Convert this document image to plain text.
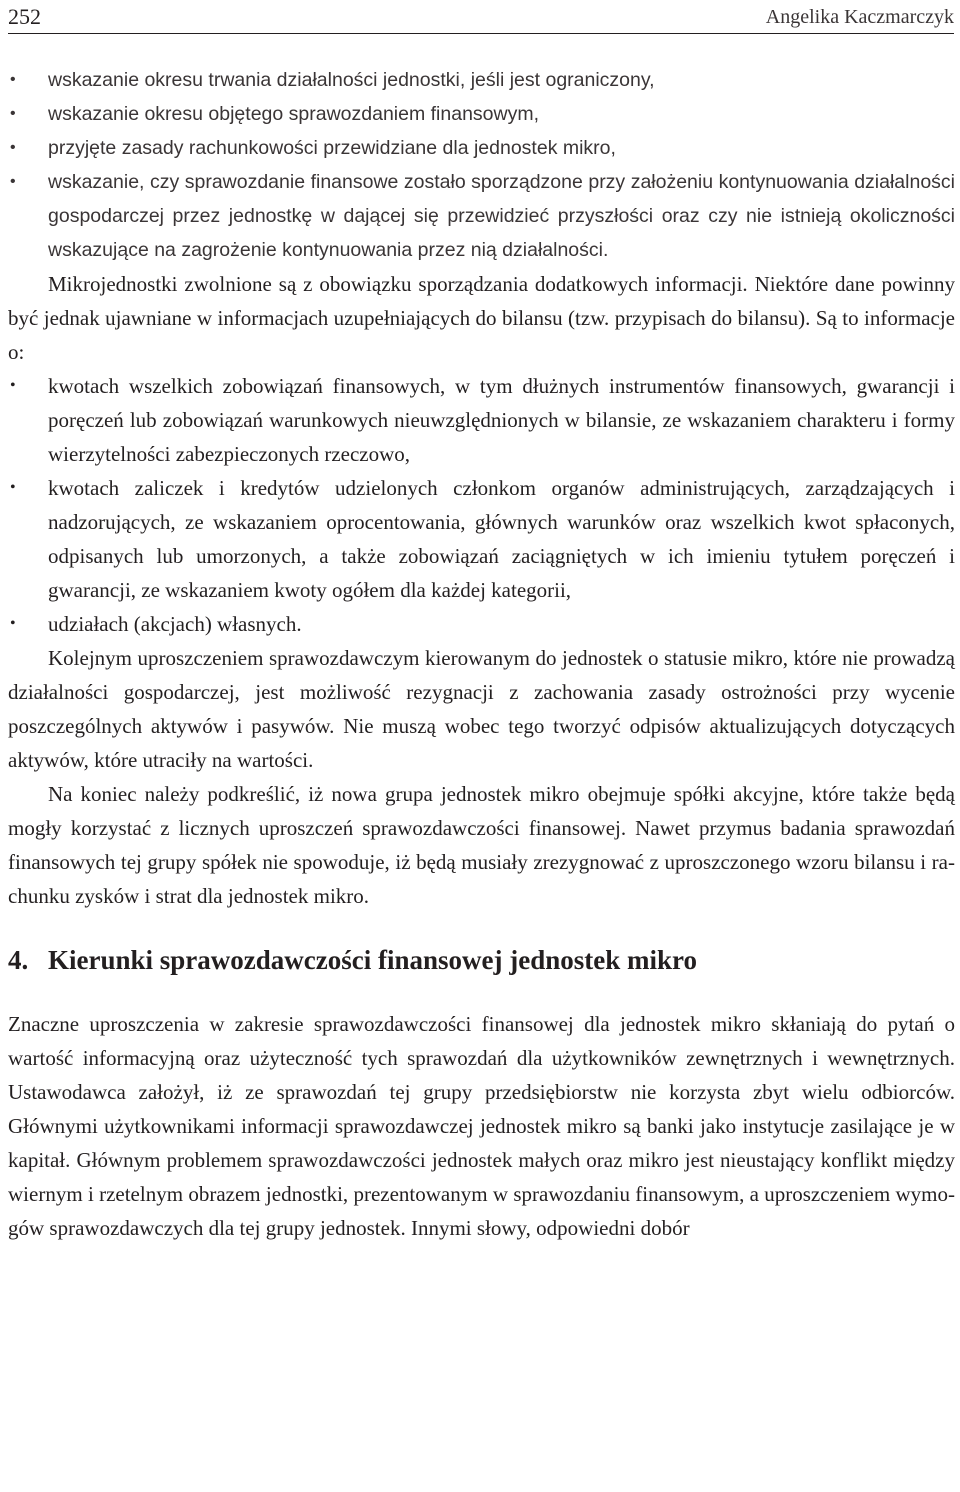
252	Angelika Kaczmarczyk
• wskazanie okresu trwania działalności jednostki, jeśli jest ograniczony,
• wskazanie okresu objętego sprawozdaniem finansowym,
• przyjęte zasady rachunkowości przewidziane dla jednostek mikro,
• wskazanie, czy sprawozdanie finansowe zostało sporządzone przy założeniu kontynuowania działalności gospodarczej przez jednostkę w dającej się przewidzieć przyszłości oraz czy nie istnieją okoliczności wskazujące na zagrożenie kontynuowania przez nią działalności.

Mikrojednostki zwolnione są z obowiązku sporządzania dodatkowych informacji. Niektóre dane powinny być jednak ujawniane w informacjach uzupełniających do bilansu (tzw. przypisach do bilansu). Są to informacje o:

• kwotach wszelkich zobowiązań finansowych, w tym dłużnych instrumentów finansowych, gwarancji i poręczeń lub zobowiązań warunkowych nieuwzględnionych w bilansie, ze wskazaniem charakteru i formy wierzytelności zabezpieczonych rzeczowo,
• kwotach zaliczek i kredytów udzielonych członkom organów administrujących, zarządzających i nadzorujących, ze wskazaniem oprocentowania, głównych warunków oraz wszelkich kwot spłaconych, odpisanych lub umorzonych, a także zobowiązań zaciągniętych w ich imieniu tytułem poręczeń i gwarancji, ze wskazaniem kwoty ogółem dla każdej kategorii,
• udziałach (akcjach) własnych.

Kolejnym uproszczeniem sprawozdawczym kierowanym do jednostek o statusie mikro, które nie prowadzą działalności gospodarczej, jest możliwość rezygnacji z zachowania zasady ostrożności przy wycenie poszczególnych aktywów i pasywów. Nie muszą wobec tego tworzyć odpisów aktualizujących dotyczących aktywów, które utraciły na wartości.

Na koniec należy podkreślić, iż nowa grupa jednostek mikro obejmuje spółki akcyjne, które także będą mogły korzystać z licznych uproszczeń sprawozdawczości finansowej. Nawet przymus badania sprawozdań finansowych tej grupy spółek nie spowoduje, iż będą musiały zrezygnować z uproszczonego wzoru bilansu i rachunku zysków i strat dla jednostek mikro.

4. Kierunki sprawozdawczości finansowej jednostek mikro

Znaczne uproszczenia w zakresie sprawozdawczości finansowej dla jednostek mikro skłaniają do pytań o wartość informacyjną oraz użyteczność tych sprawozdań dla użytkowników zewnętrznych i wewnętrznych. Ustawodawca założył, iż ze sprawozdań tej grupy przedsiębiorstw nie korzysta zbyt wielu odbiorców. Głównymi użytkownikami informacji sprawozdawczej jednostek mikro są banki jako instytucje zasilające je w kapitał. Głównym problemem sprawozdawczości jednostek małych oraz mikro jest nieustający konflikt między wiernym i rzetelnym obrazem jednostki, prezentowanym w sprawozdaniu finansowym, a uproszczeniem wymogów sprawozdawczych dla tej grupy jednostek. Innymi słowy, odpowiedni dobór
